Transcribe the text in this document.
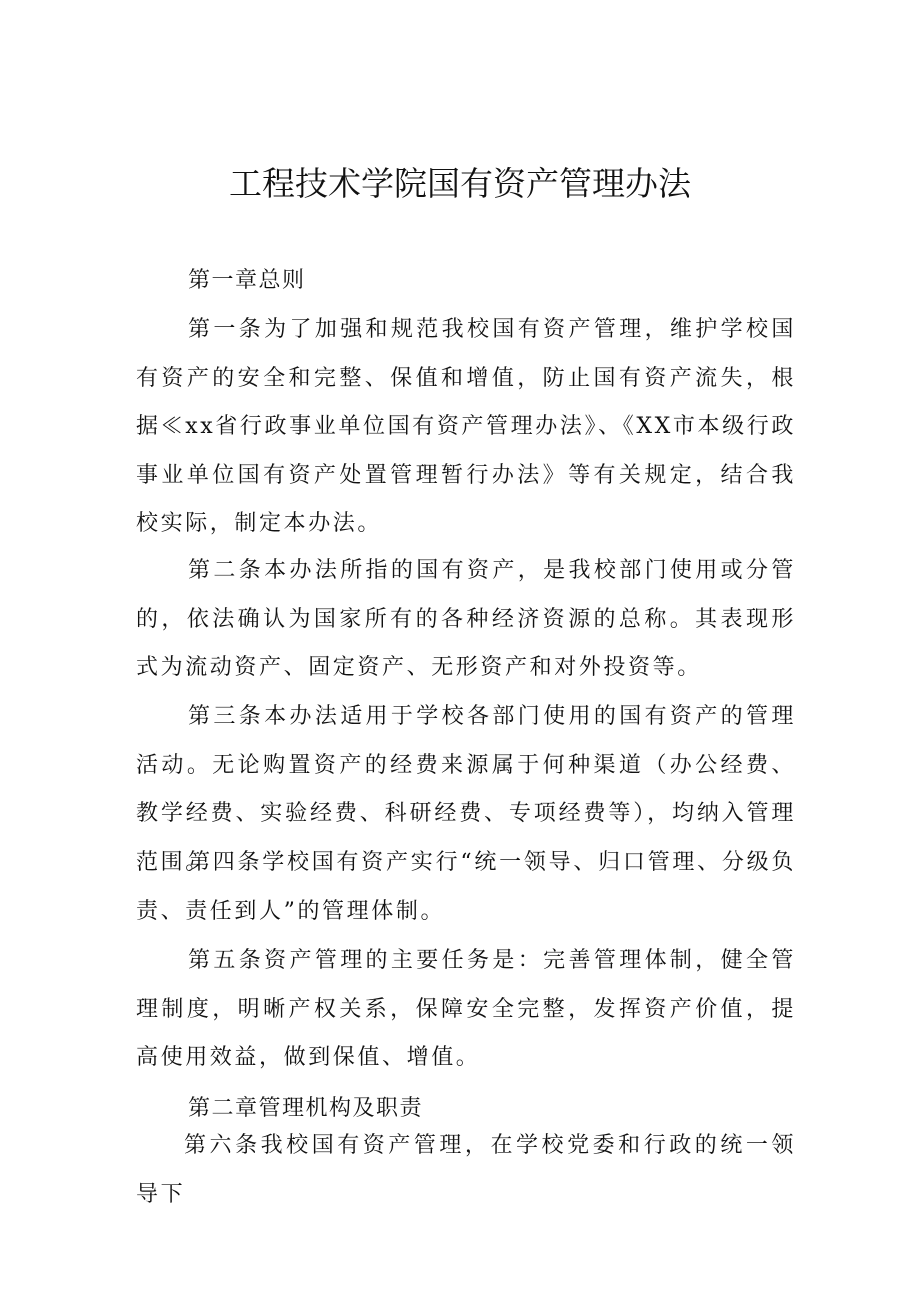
工程技术学院国有资产管理办法

第一章总则

第一条为了加强和规范我校国有资产管理，维护学校国有资产的安全和完整、保值和增值，防止国有资产流失，根据≪xx省行政事业单位国有资产管理办法》、《XX市本级行政事业单位国有资产处置管理暂行办法》等有关规定，结合我校实际，制定本办法。

第二条本办法所指的国有资产，是我校部门使用或分管的，依法确认为国家所有的各种经济资源的总称。其表现形式为流动资产、固定资产、无形资产和对外投资等。

第三条本办法适用于学校各部门使用的国有资产的管理活动。无论购置资产的经费来源属于何种渠道（办公经费、教学经费、实验经费、科研经费、专项经费等），均纳入管理范围。

第四条学校国有资产实行“统一领导、归口管理、分级负责、责任到人”的管理体制。

第五条资产管理的主要任务是：完善管理体制，健全管理制度，明晰产权关系，保障安全完整，发挥资产价值，提高使用效益，做到保值、增值。

第二章管理机构及职责

第六条我校国有资产管理，在学校党委和行政的统一领导下
